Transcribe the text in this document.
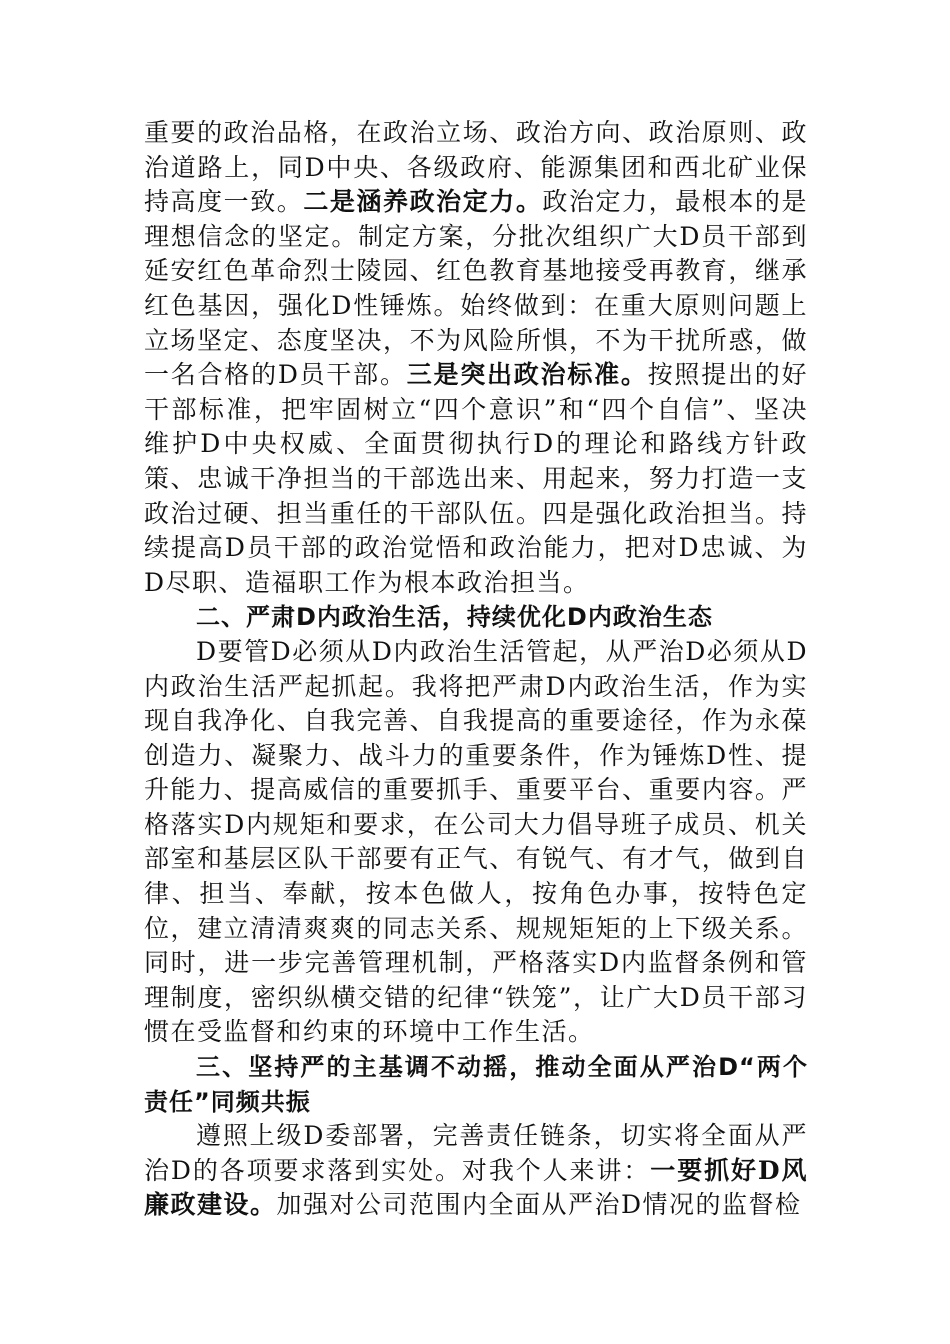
重要的政治品格，在政治立场、政治方向、政治原则、政治道路上，同D中央、各级政府、能源集团和西北矿业保持高度一致。二是涵养政治定力。政治定力，最根本的是理想信念的坚定。制定方案，分批次组织广大D员干部到延安红色革命烈士陵园、红色教育基地接受再教育，继承红色基因，强化D性锤炼。始终做到：在重大原则问题上立场坚定、态度坚决，不为风险所惧，不为干扰所惑，做一名合格的D员干部。三是突出政治标准。按照提出的好干部标准，把牢固树立“四个意识”和“四个自信”、坚决维护D中央权威、全面贯彻执行D的理论和路线方针政策、忠诚干净担当的干部选出来、用起来，努力打造一支政治过硬、担当重任的干部队伍。四是强化政治担当。持续提高D员干部的政治觉悟和政治能力，把对D忠诚、为D尽职、造福职工作为根本政治担当。

二、严肃D内政治生活，持续优化D内政治生态

D要管D必须从D内政治生活管起，从严治D必须从D内政治生活严起抓起。我将把严肃D内政治生活，作为实现自我净化、自我完善、自我提高的重要途径，作为永葆创造力、凝聚力、战斗力的重要条件，作为锤炼D性、提升能力、提高威信的重要抓手、重要平台、重要内容。严格落实D内规矩和要求，在公司大力倡导班子成员、机关部室和基层区队干部要有正气、有锐气、有才气，做到自律、担当、奉献，按本色做人，按角色办事，按特色定位，建立清清爽爽的同志关系、规规矩矩的上下级关系。同时，进一步完善管理机制，严格落实D内监督条例和管理制度，密织纵横交错的纪律“铁笼”，让广大D员干部习惯在受监督和约束的环境中工作生活。

三、坚持严的主基调不动摇，推动全面从严治D“两个责任”同频共振

遵照上级D委部署，完善责任链条，切实将全面从严治D的各项要求落到实处。对我个人来讲：一要抓好D风廉政建设。加强对公司范围内全面从严治D情况的监督检
